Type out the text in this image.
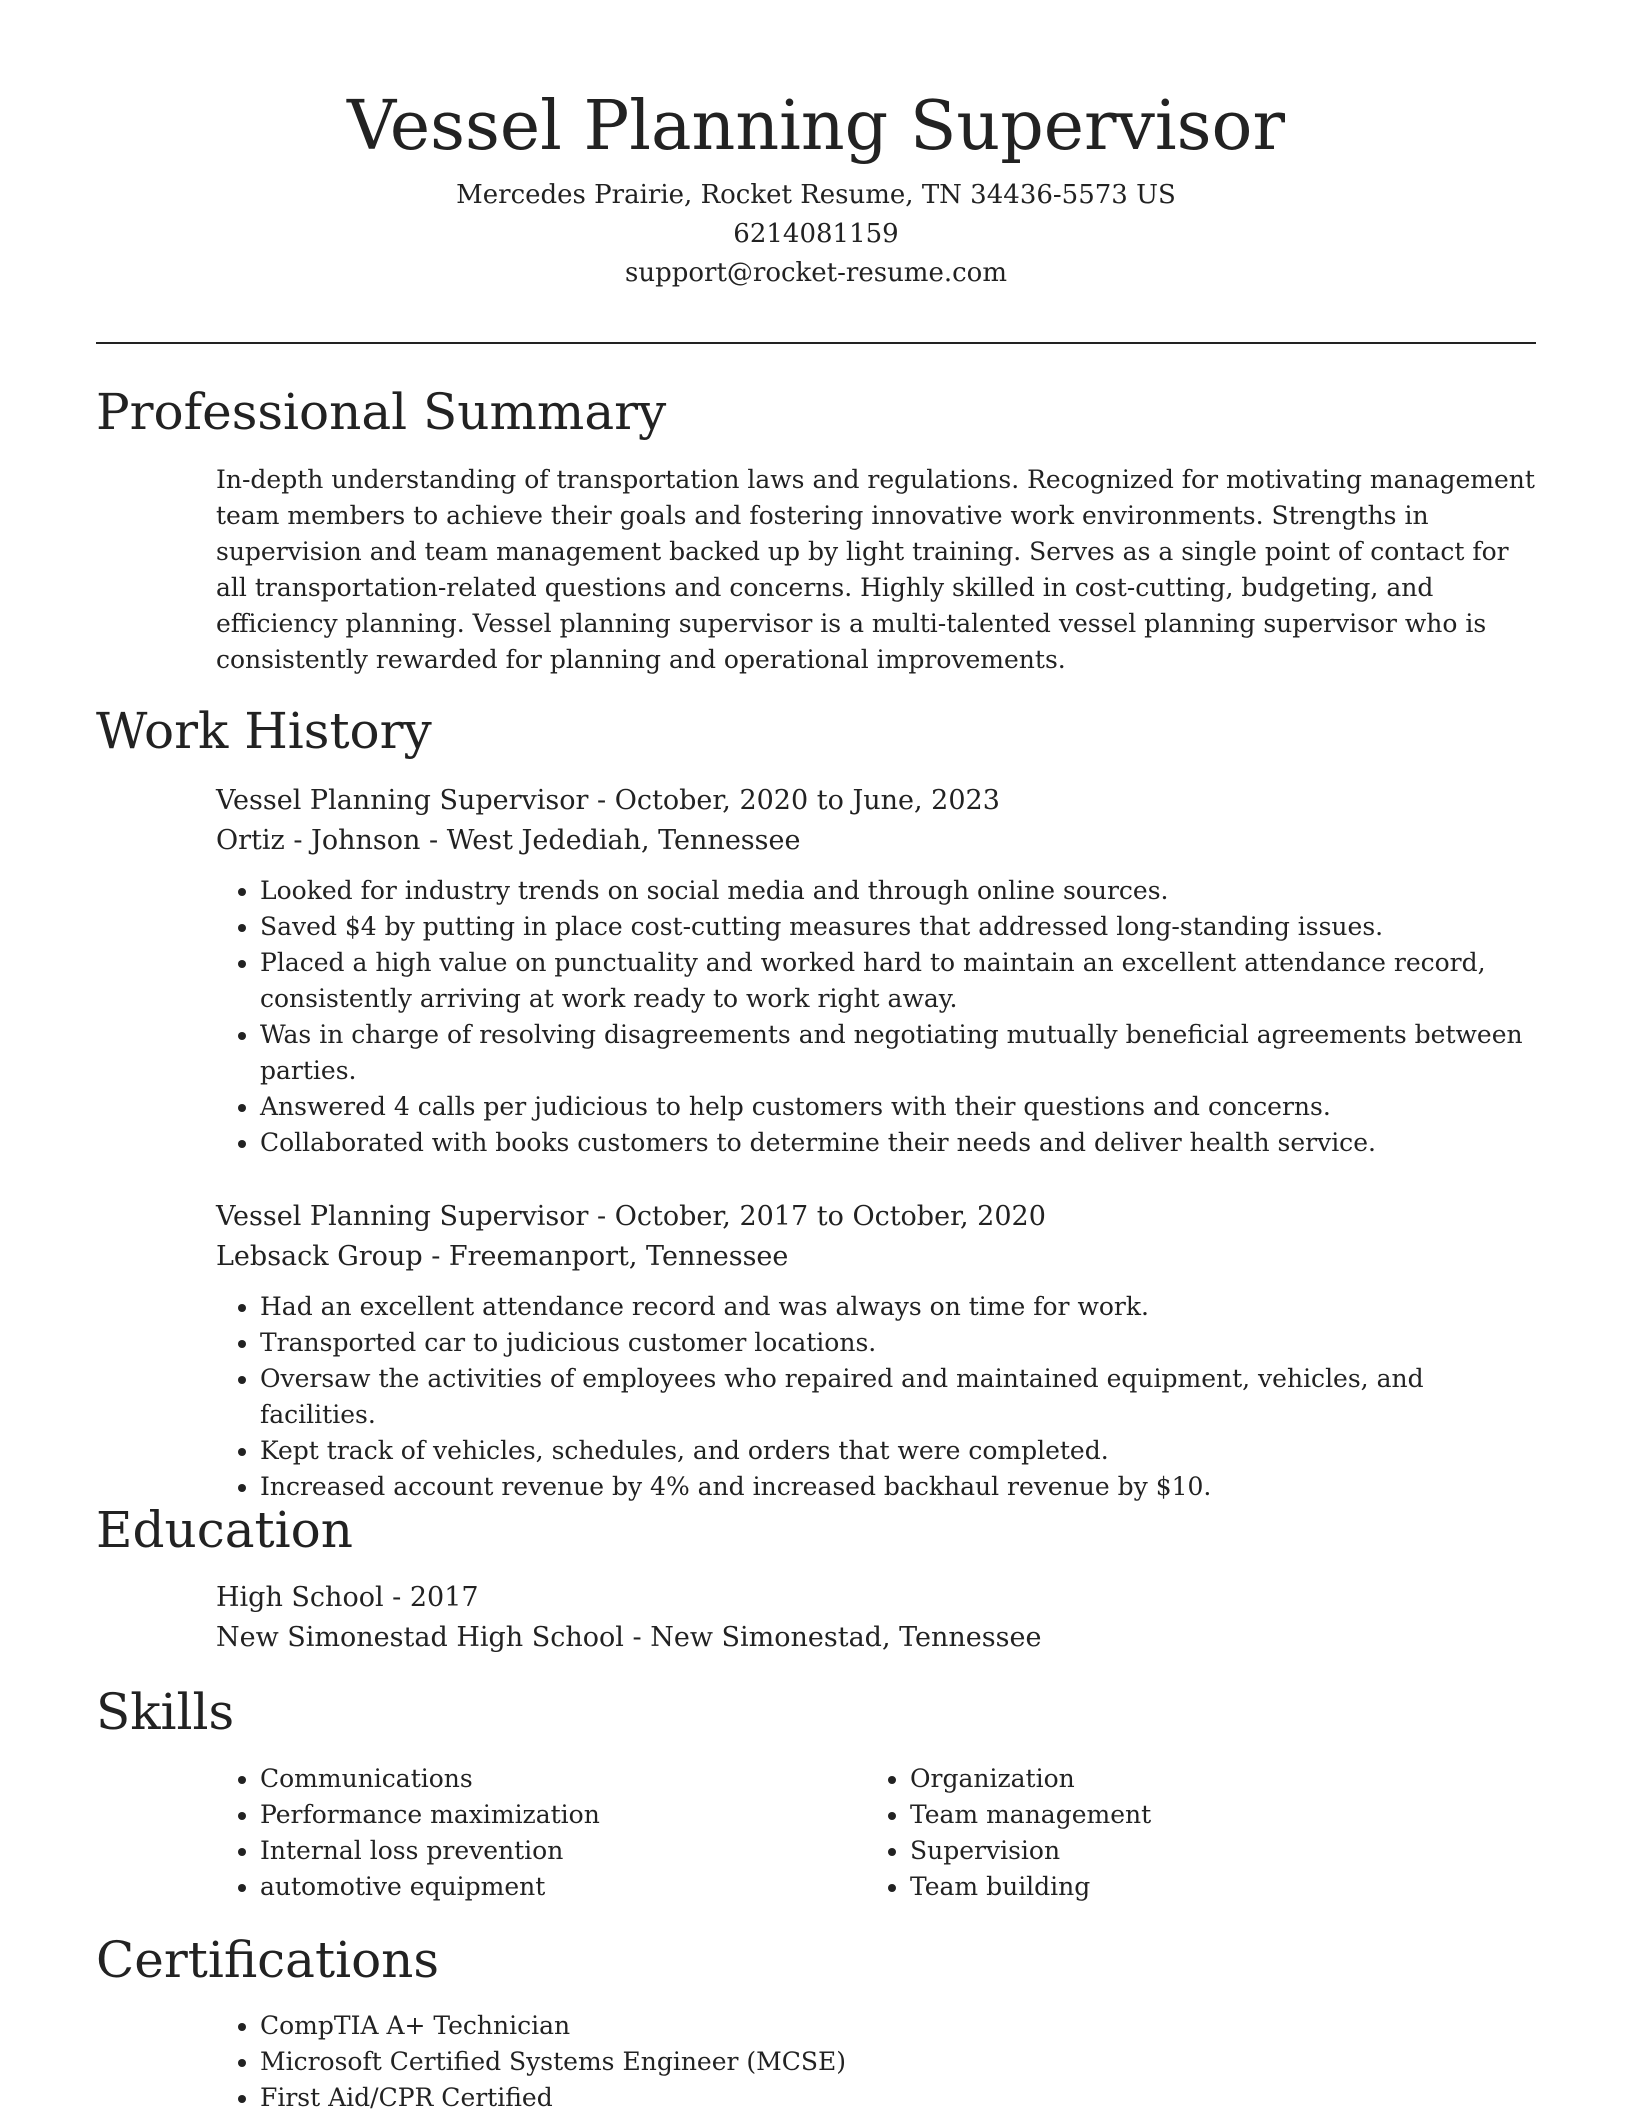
Vessel Planning Supervisor

Mercedes Prairie, Rocket Resume, TN 34436-5573 US

6214081159

support@rocket-resume.com

Professional Summary

In-depth understanding of transportation laws and regulations. Recognized for motivating management team members to achieve their goals and fostering innovative work environments. Strengths in supervision and team management backed up by light training. Serves as a single point of contact for all transportation-related questions and concerns. Highly skilled in cost-cutting, budgeting, and efficiency planning. Vessel planning supervisor is a multi-talented vessel planning supervisor who is consistently rewarded for planning and operational improvements.

Work History

Vessel Planning Supervisor - October, 2020 to June, 2023

Ortiz - Johnson - West Jedediah, Tennessee

• Looked for industry trends on social media and through online sources.
• Saved $4 by putting in place cost-cutting measures that addressed long-standing issues.
• Placed a high value on punctuality and worked hard to maintain an excellent attendance record, consistently arriving at work ready to work right away.
• Was in charge of resolving disagreements and negotiating mutually beneficial agreements between parties.
• Answered 4 calls per judicious to help customers with their questions and concerns.
• Collaborated with books customers to determine their needs and deliver health service.

Vessel Planning Supervisor - October, 2017 to October, 2020

Lebsack Group - Freemanport, Tennessee

• Had an excellent attendance record and was always on time for work.
• Transported car to judicious customer locations.
• Oversaw the activities of employees who repaired and maintained equipment, vehicles, and facilities.
• Kept track of vehicles, schedules, and orders that were completed.
• Increased account revenue by 4% and increased backhaul revenue by $10.
Education

High School - 2017

New Simonestad High School - New Simonestad, Tennessee

Skills
• Communications
• Performance maximization
• Internal loss prevention
• automotive equipment
• Organization
• Team management
• Supervision
• Team building
Certifications
• CompTIA A+ Technician
• Microsoft Certified Systems Engineer (MCSE)
• First Aid/CPR Certified
